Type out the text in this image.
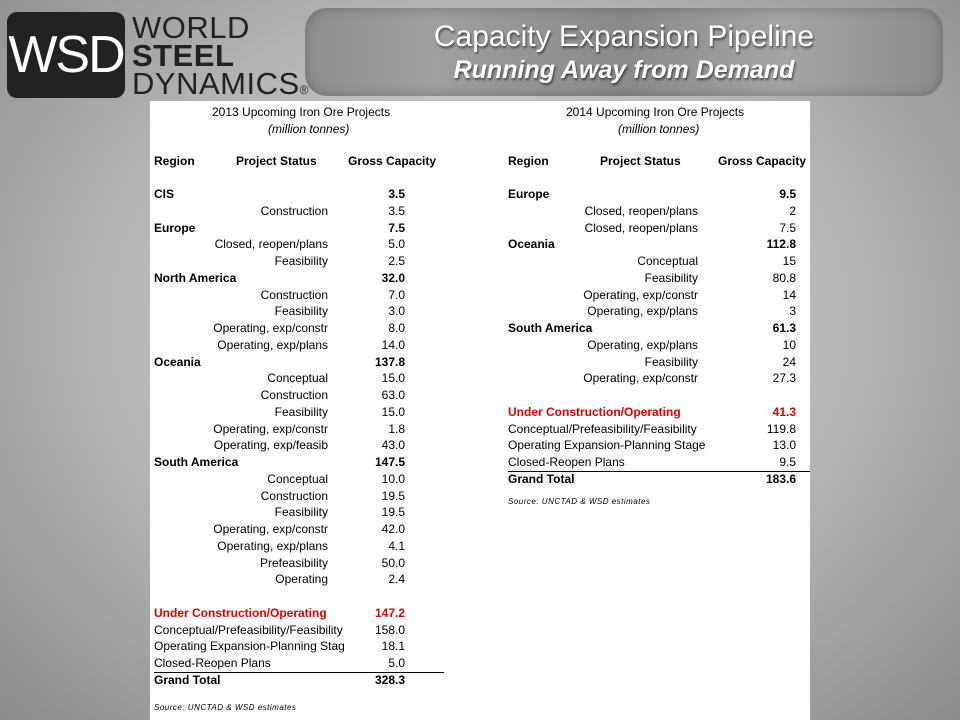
WSD WORLD
STEEL
DYNAMICS®
Capacity Expansion Pipeline
Running Away from Demand
2013 Upcoming Iron Ore Projects
(million tonnes)
Region	Project Status	Gross Capacity
CIS	3.5
Construction	3.5
Europe	7.5
Closed, reopen/plans	5.0
Feasibility	2.5
North America	32.0
Construction	7.0
Feasibility	3.0
Operating, exp/constr	8.0
Operating, exp/plans	14.0
Oceania	137.8
Conceptual	15.0
Construction	63.0
Feasibility	15.0
Operating, exp/constr	1.8
Operating, exp/feasib	43.0
South America	147.5
Conceptual	10.0
Construction	19.5
Feasibility	19.5
Operating, exp/constr	42.0
Operating, exp/plans	4.1
Prefeasibility	50.0
Operating	2.4
Under Construction/Operating	147.2
Conceptual/Prefeasibility/Feasibility	158.0
Operating Expansion-Planning Stag	18.1
Closed-Reopen Plans	5.0
Grand Total	328.3
Source: UNCTAD & WSD estimates
2014 Upcoming Iron Ore Projects
(million tonnes)
Region	Project Status	Gross Capacity
Europe	9.5
Closed, reopen/plans	2
Closed, reopen/plans	7.5
Oceania	112.8
Conceptual	15
Feasibility	80.8
Operating, exp/constr	14
Operating, exp/plans	3
South America	61.3
Operating, exp/plans	10
Feasibility	24
Operating, exp/constr	27.3
Under Construction/Operating	41.3
Conceptual/Prefeasibility/Feasibility	119.8
Operating Expansion-Planning Stage	13.0
Closed-Reopen Plans	9.5
Grand Total	183.6
Source: UNCTAD & WSD estimates
